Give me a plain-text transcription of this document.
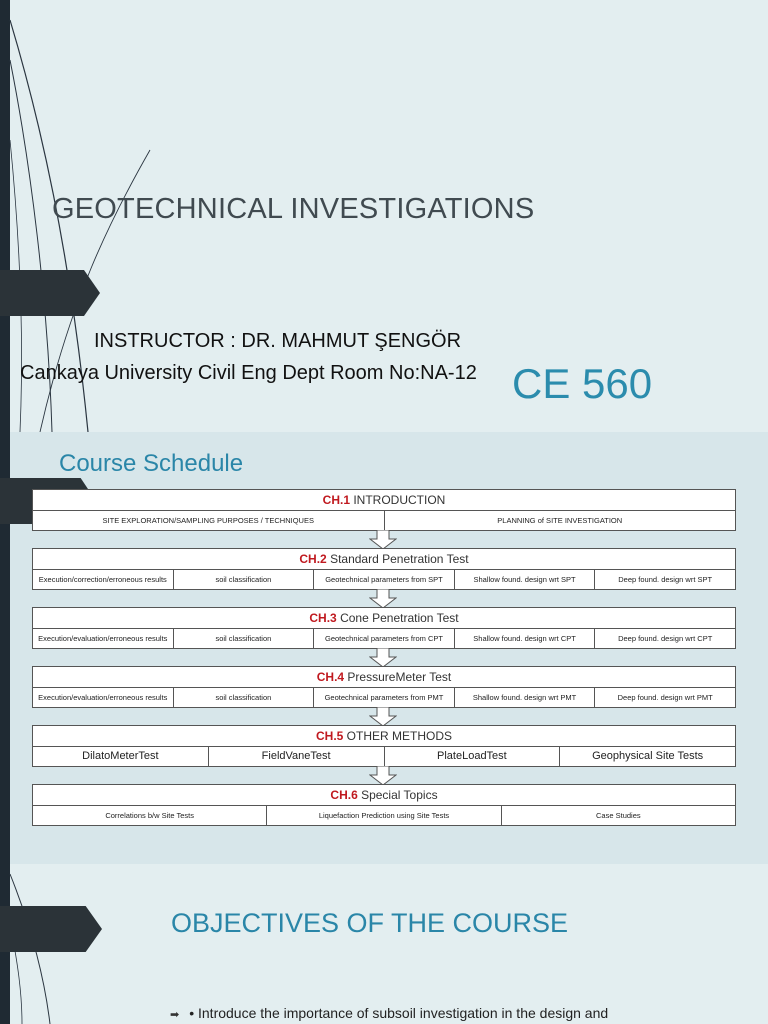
GEOTECHNICAL INVESTIGATIONS
INSTRUCTOR : DR. MAHMUT ŞENGÖR
Cankaya University Civil Eng Dept Room No:NA-12 CE 560
Course Schedule
CH.1 INTRODUCTION
SITE EXPLORATION/SAMPLING PURPOSES / TECHNIQUES	PLANNING of SITE INVESTIGATION
CH.2 Standard Penetration Test
Execution/correction/erroneous results	soil classification	Geotechnical parameters from SPT	Shallow found. design wrt SPT	Deep found. design wrt SPT
CH.3 Cone Penetration Test
Execution/evaluation/erroneous results	soil classification	Geotechnical parameters from CPT	Shallow found. design wrt CPT	Deep found. design wrt CPT
CH.4 PressureMeter Test
Execution/evaluation/erroneous results	soil classification	Geotechnical parameters from PMT	Shallow found. design wrt PMT	Deep found. design wrt PMT
CH.5 OTHER METHODS
DilatoMeterTest	FieldVaneTest	PlateLoadTest	Geophysical Site Tests
CH.6 Special Topics
Correlations b/w Site Tests	Liquefaction Prediction using Site Tests	Case Studies
OBJECTIVES OF THE COURSE
➡ • Introduce the importance of subsoil investigation in the design and
